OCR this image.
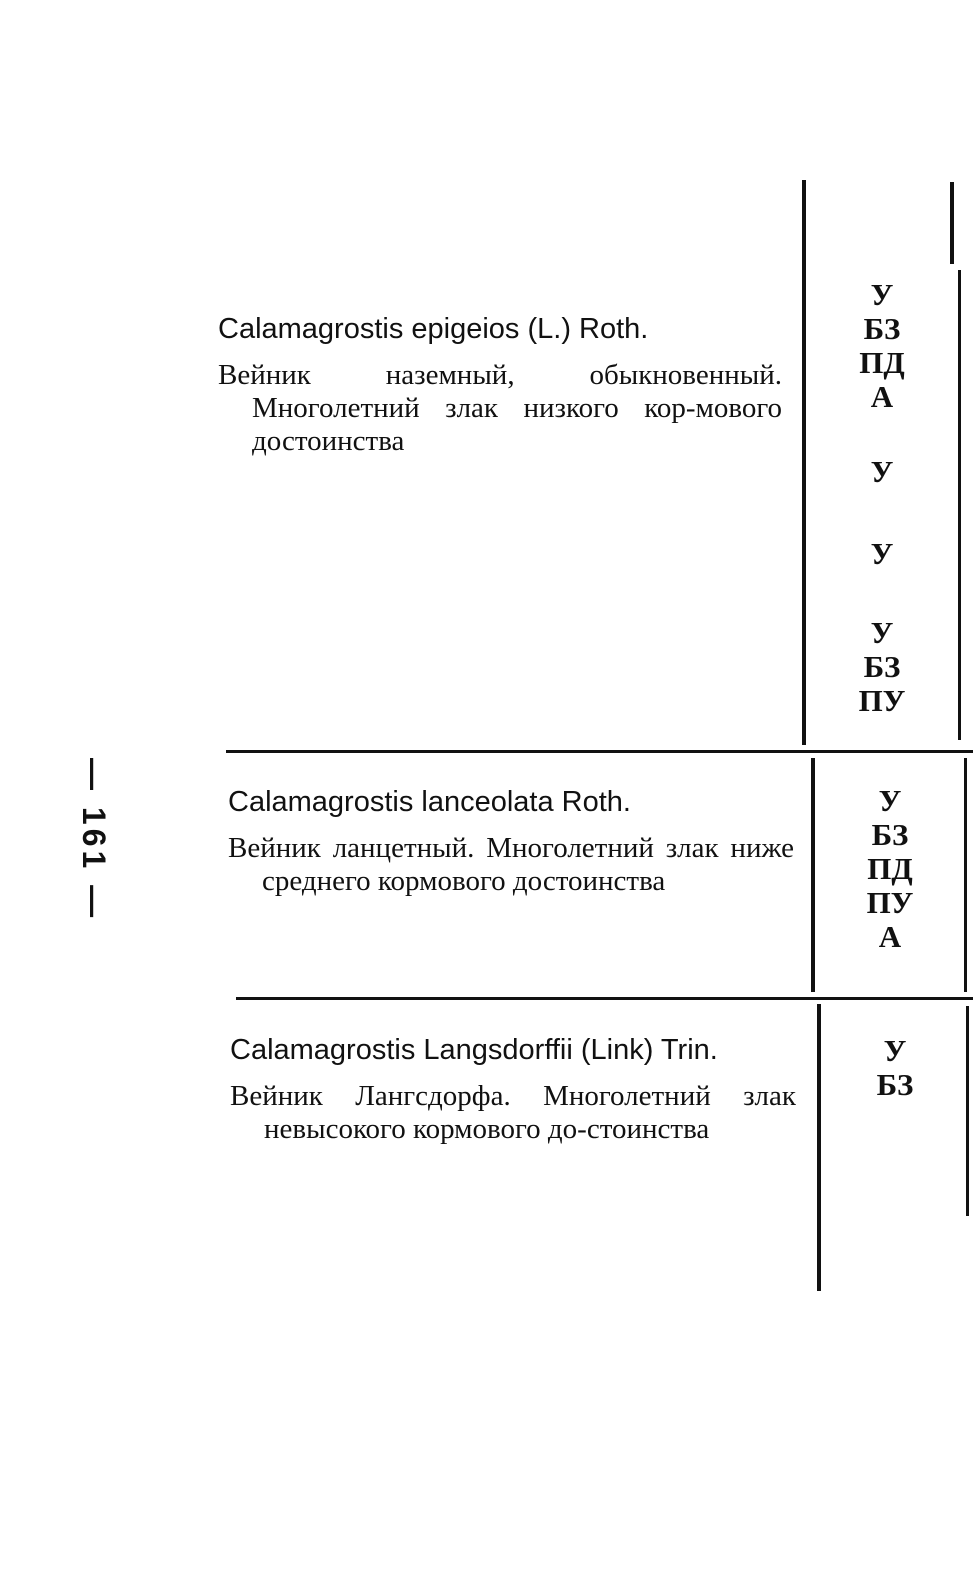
— 161 —

Calamagrostis epigeios (L.) Roth.

Вейник наземный, обыкновенный. Многолетний злак низкого кор-мового достоинства

У
БЗ
ПД
А
У
У
У
БЗ
ПУ

Calamagrostis lanceolata Roth.

Вейник ланцетный. Многолетний злак ниже среднего кормового достоинства

У
БЗ
ПД
ПУ
А

Calamagrostis Langsdorffii (Link) Trin.

Вейник Лангсдорфа. Многолетний злак невысокого кормового до-стоинства

У
БЗ
